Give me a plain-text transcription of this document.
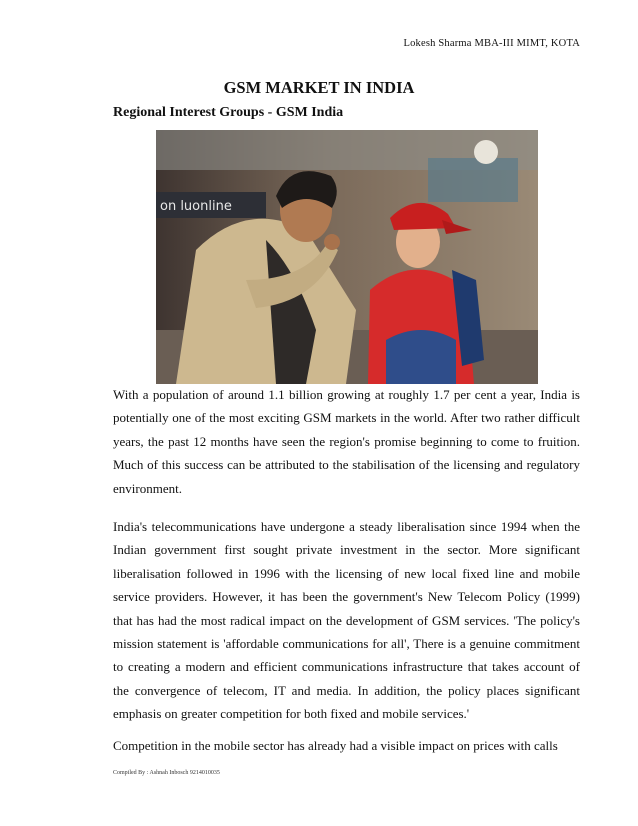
Lokesh Sharma MBA-III MIMT, KOTA
GSM MARKET IN INDIA
Regional Interest Groups - GSM India
on luonline
With a population of around 1.1 billion growing at roughly 1.7 per cent a year, India is potentially one of the most exciting GSM markets in the world. After two rather difficult years, the past 12 months have seen the region's promise beginning to come to fruition. Much of this success can be attributed to the stabilisation of the licensing and regulatory environment.
India's telecommunications have undergone a steady liberalisation since 1994 when the Indian government first sought private investment in the sector. More significant liberalisation followed in 1996 with the licensing of new local fixed line and mobile service providers. However, it has been the government's New Telecom Policy (1999) that has had the most radical impact on the development of GSM services. 'The policy's mission statement is 'affordable communications for all', There is a genuine commitment to creating a modern and efficient communications infrastructure that takes account of the convergence of telecom, IT and media. In addition, the policy places significant emphasis on greater competition for both fixed and mobile services.'
Competition in the mobile sector has already had a visible impact on prices with calls
Compiled By : Ashnah Inbosch 9214010035
